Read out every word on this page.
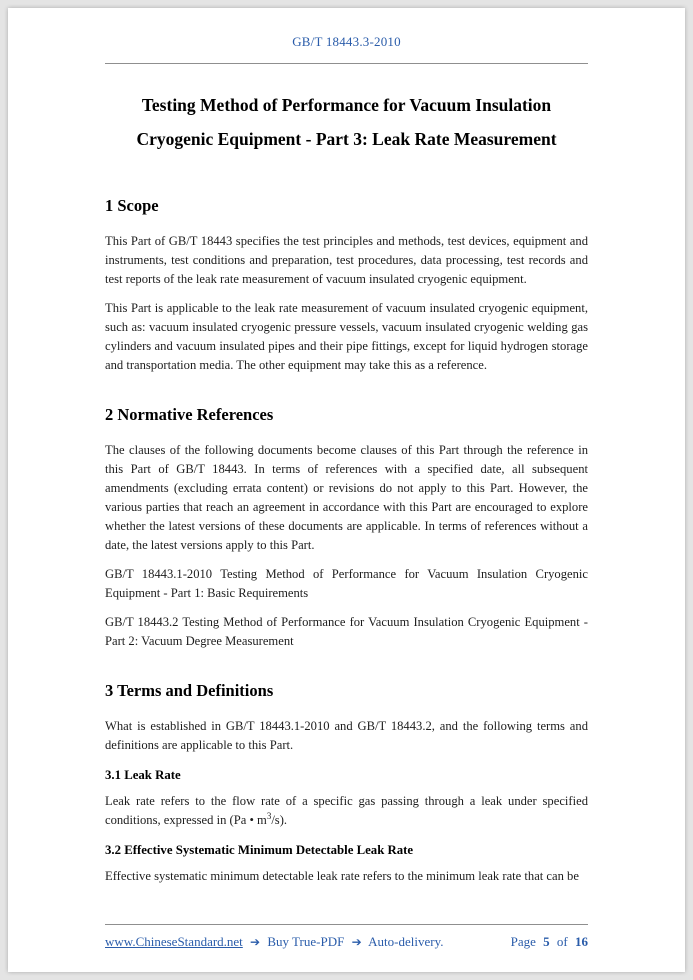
GB/T 18443.3-2010
Testing Method of Performance for Vacuum Insulation
Cryogenic Equipment - Part 3: Leak Rate Measurement
1 Scope

This Part of GB/T 18443 specifies the test principles and methods, test devices, equipment and instruments, test conditions and preparation, test procedures, data processing, test records and test reports of the leak rate measurement of vacuum insulated cryogenic equipment.

This Part is applicable to the leak rate measurement of vacuum insulated cryogenic equipment, such as: vacuum insulated cryogenic pressure vessels, vacuum insulated cryogenic welding gas cylinders and vacuum insulated pipes and their pipe fittings, except for liquid hydrogen storage and transportation media. The other equipment may take this as a reference.

2 Normative References

The clauses of the following documents become clauses of this Part through the reference in this Part of GB/T 18443. In terms of references with a specified date, all subsequent amendments (excluding errata content) or revisions do not apply to this Part. However, the various parties that reach an agreement in accordance with this Part are encouraged to explore whether the latest versions of these documents are applicable. In terms of references without a date, the latest versions apply to this Part.

GB/T 18443.1-2010 Testing Method of Performance for Vacuum Insulation Cryogenic Equipment - Part 1: Basic Requirements

GB/T 18443.2 Testing Method of Performance for Vacuum Insulation Cryogenic Equipment - Part 2: Vacuum Degree Measurement

3 Terms and Definitions

What is established in GB/T 18443.1-2010 and GB/T 18443.2, and the following terms and definitions are applicable to this Part.

3.1 Leak Rate

Leak rate refers to the flow rate of a specific gas passing through a leak under specified conditions, expressed in (Pa • $m^3/s$).

3.2 Effective Systematic Minimum Detectable Leak Rate

Effective systematic minimum detectable leak rate refers to the minimum leak rate that can be

www.ChineseStandard.net ➔ Buy True-PDF ➔ Auto-delivery.	Page 5 of 16
